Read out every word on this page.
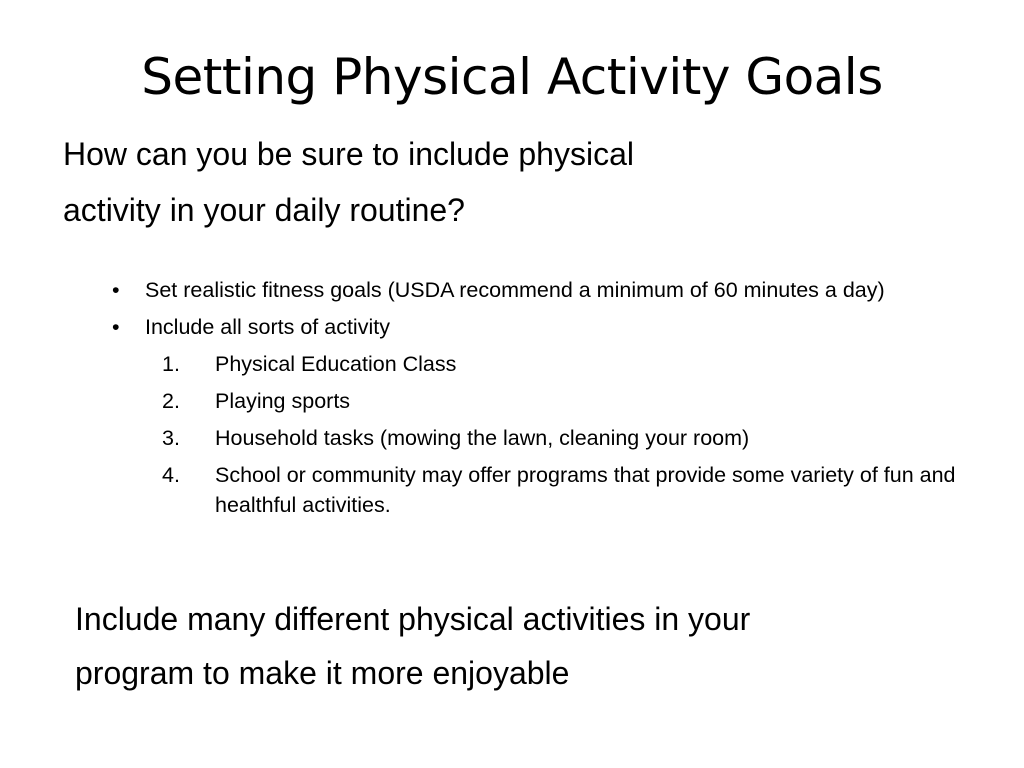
Setting Physical Activity Goals
How can you be sure to include physical
activity in your daily routine?
• Set realistic fitness goals (USDA recommend a minimum of 60 minutes a day)
• Include all sorts of activity
1. Physical Education Class
2. Playing sports
3. Household tasks (mowing the lawn, cleaning your room)
4. School or community may offer programs that provide some variety of fun and healthful activities.
Include many different physical activities in your
program to make it more enjoyable
